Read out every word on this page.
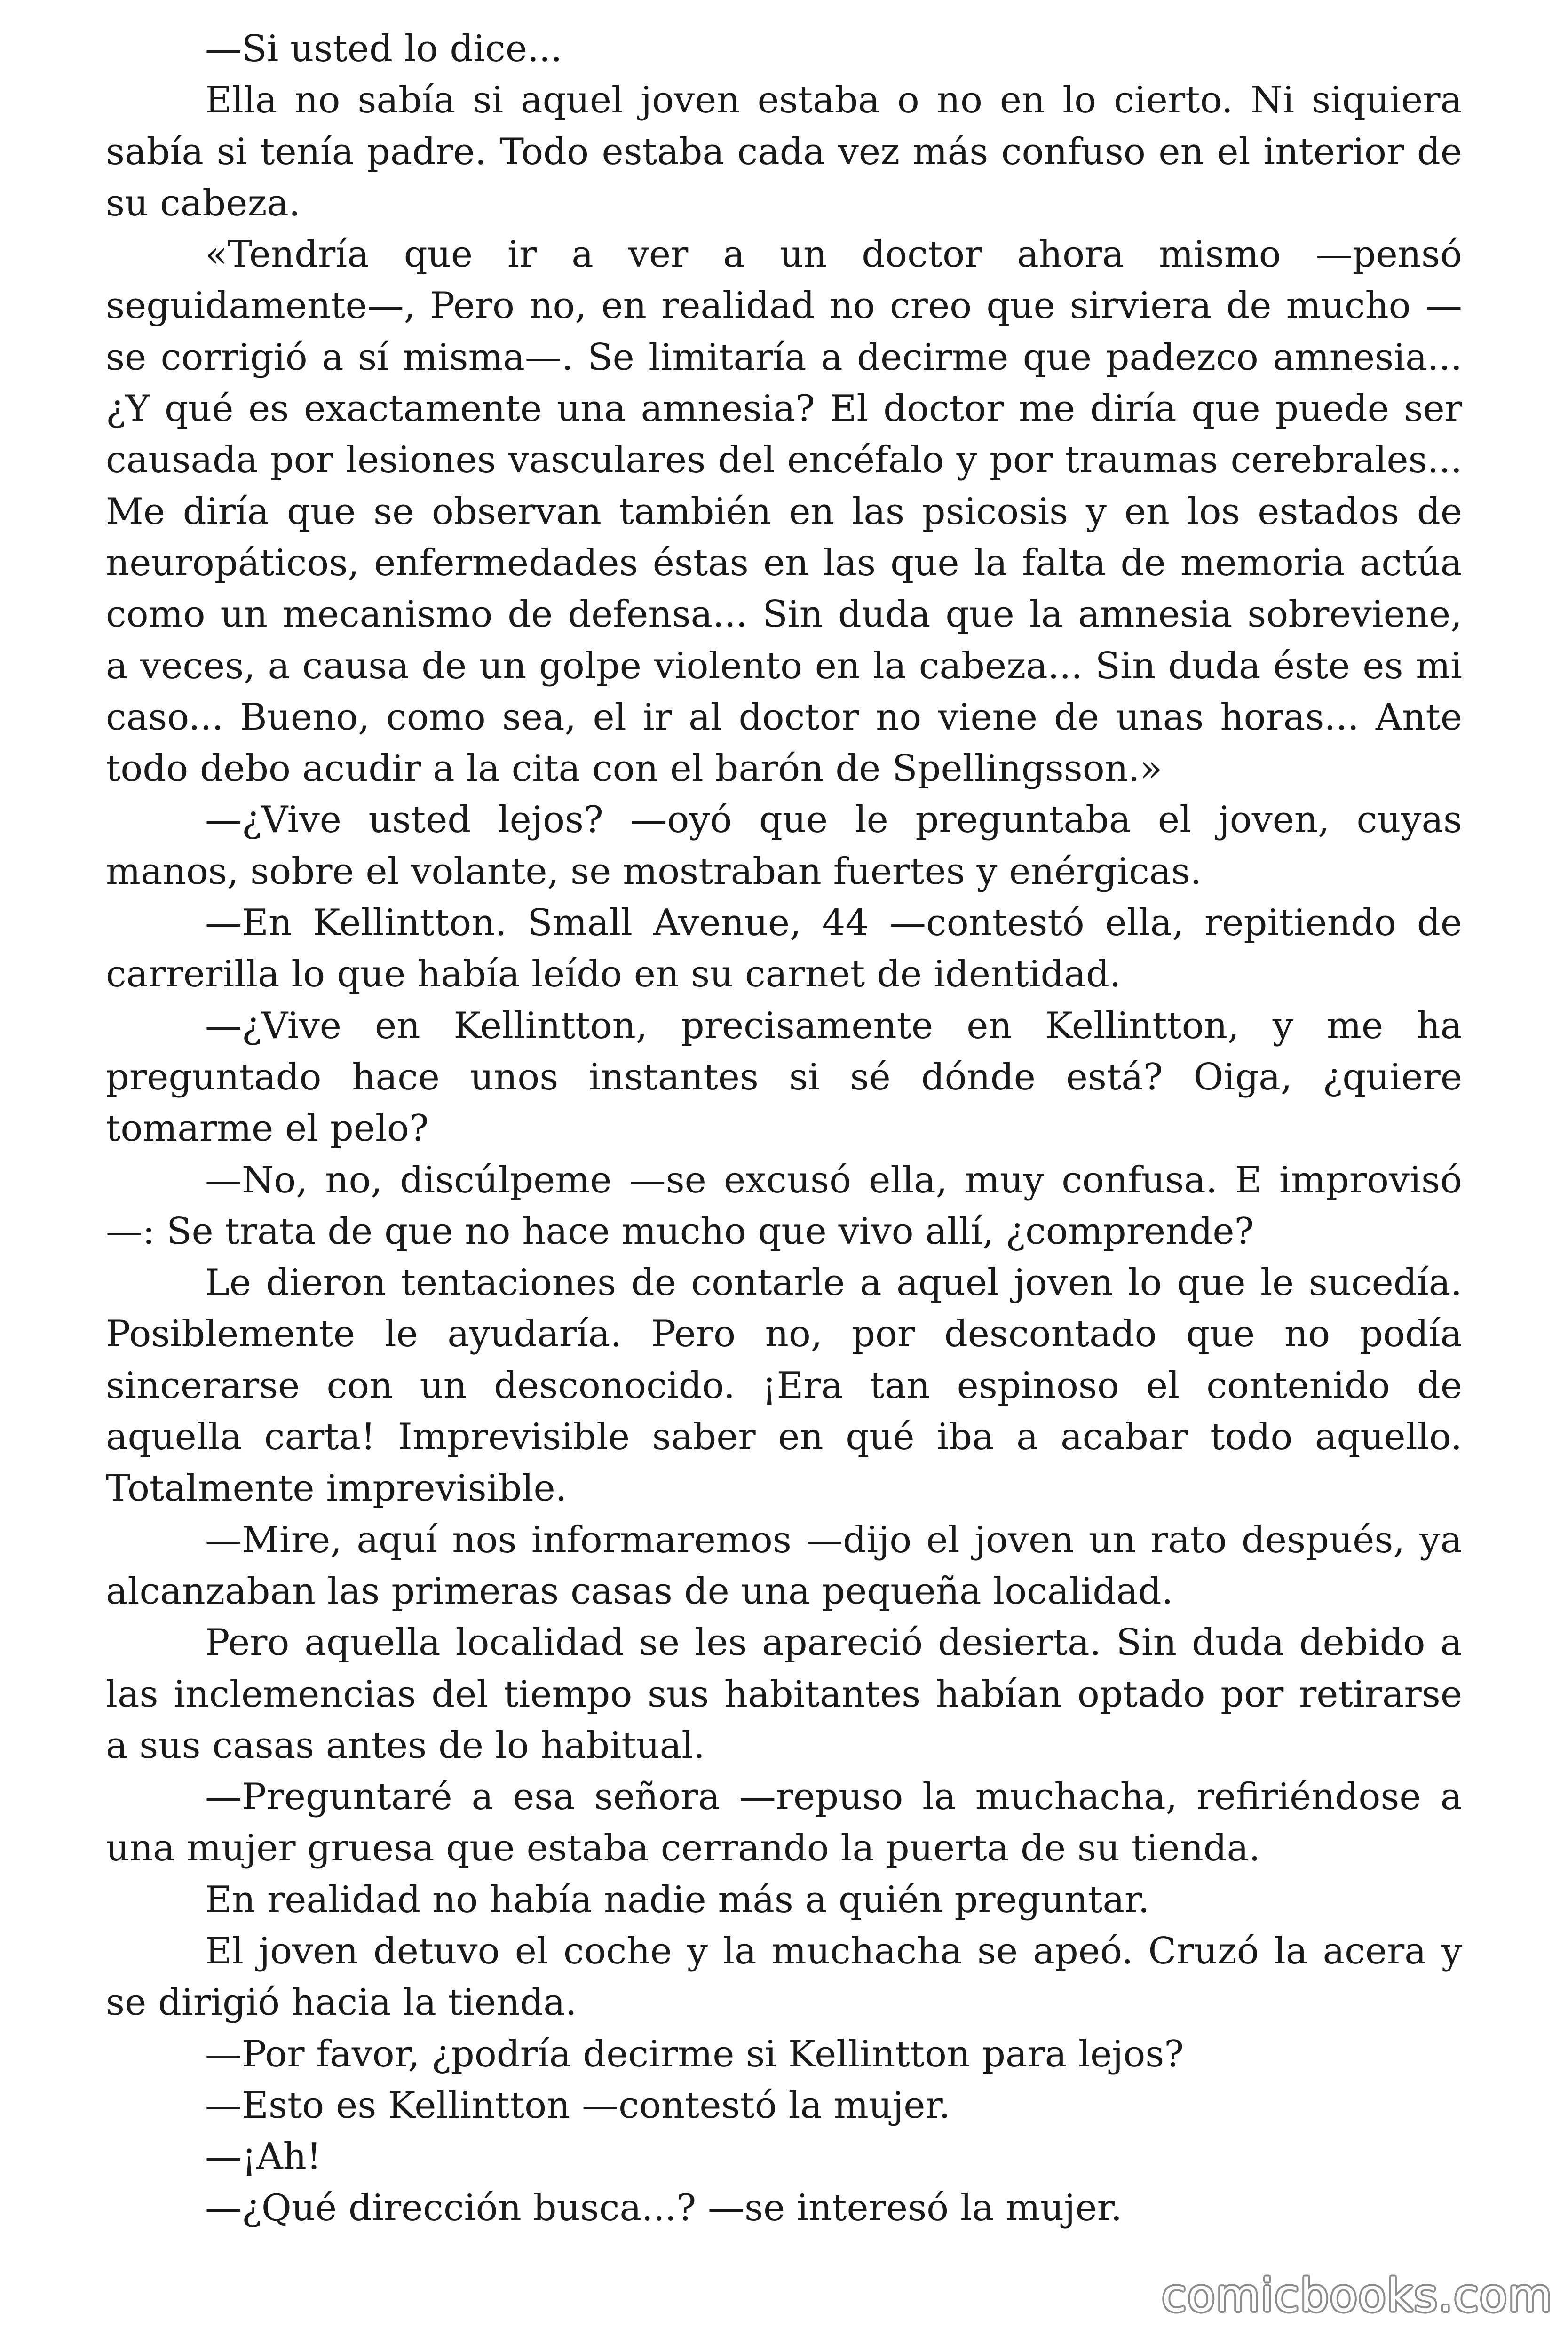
—Si usted lo dice...

Ella no sabía si aquel joven estaba o no en lo cierto. Ni siquiera sabía si tenía padre. Todo estaba cada vez más confuso en el interior de su cabeza.

«Tendría que ir a ver a un doctor ahora mismo —pensó seguidamente—, Pero no, en realidad no creo que sirviera de mucho —se corrigió a sí misma—. Se limitaría a decirme que padezco amnesia... ¿Y qué es exactamente una amnesia? El doctor me diría que puede ser causada por lesiones vasculares del encéfalo y por traumas cerebrales... Me diría que se observan también en las psicosis y en los estados de neuropáticos, enfermedades éstas en las que la falta de memoria actúa como un mecanismo de defensa... Sin duda que la amnesia sobreviene, a veces, a causa de un golpe violento en la cabeza... Sin duda éste es mi caso... Bueno, como sea, el ir al doctor no viene de unas horas... Ante todo debo acudir a la cita con el barón de Spellingsson.»

—¿Vive usted lejos? —oyó que le preguntaba el joven, cuyas manos, sobre el volante, se mostraban fuertes y enérgicas.

—En Kellintton. Small Avenue, 44 —contestó ella, repitiendo de carrerilla lo que había leído en su carnet de identidad.

—¿Vive en Kellintton, precisamente en Kellintton, y me ha preguntado hace unos instantes si sé dónde está? Oiga, ¿quiere tomarme el pelo?

—No, no, discúlpeme —se excusó ella, muy confusa. E improvisó —: Se trata de que no hace mucho que vivo allí, ¿comprende?

Le dieron tentaciones de contarle a aquel joven lo que le sucedía. Posiblemente le ayudaría. Pero no, por descontado que no podía sincerarse con un desconocido. ¡Era tan espinoso el contenido de aquella carta! Imprevisible saber en qué iba a acabar todo aquello. Totalmente imprevisible.

—Mire, aquí nos informaremos —dijo el joven un rato después, ya alcanzaban las primeras casas de una pequeña localidad.

Pero aquella localidad se les apareció desierta. Sin duda debido a las inclemencias del tiempo sus habitantes habían optado por retirarse a sus casas antes de lo habitual.

—Preguntaré a esa señora —repuso la muchacha, refiriéndose a una mujer gruesa que estaba cerrando la puerta de su tienda.

En realidad no había nadie más a quién preguntar.

El joven detuvo el coche y la muchacha se apeó. Cruzó la acera y se dirigió hacia la tienda.

—Por favor, ¿podría decirme si Kellintton para lejos?

—Esto es Kellintton —contestó la mujer.

—¡Ah!

—¿Qué dirección busca...? —se interesó la mujer.

comicbooks.com
